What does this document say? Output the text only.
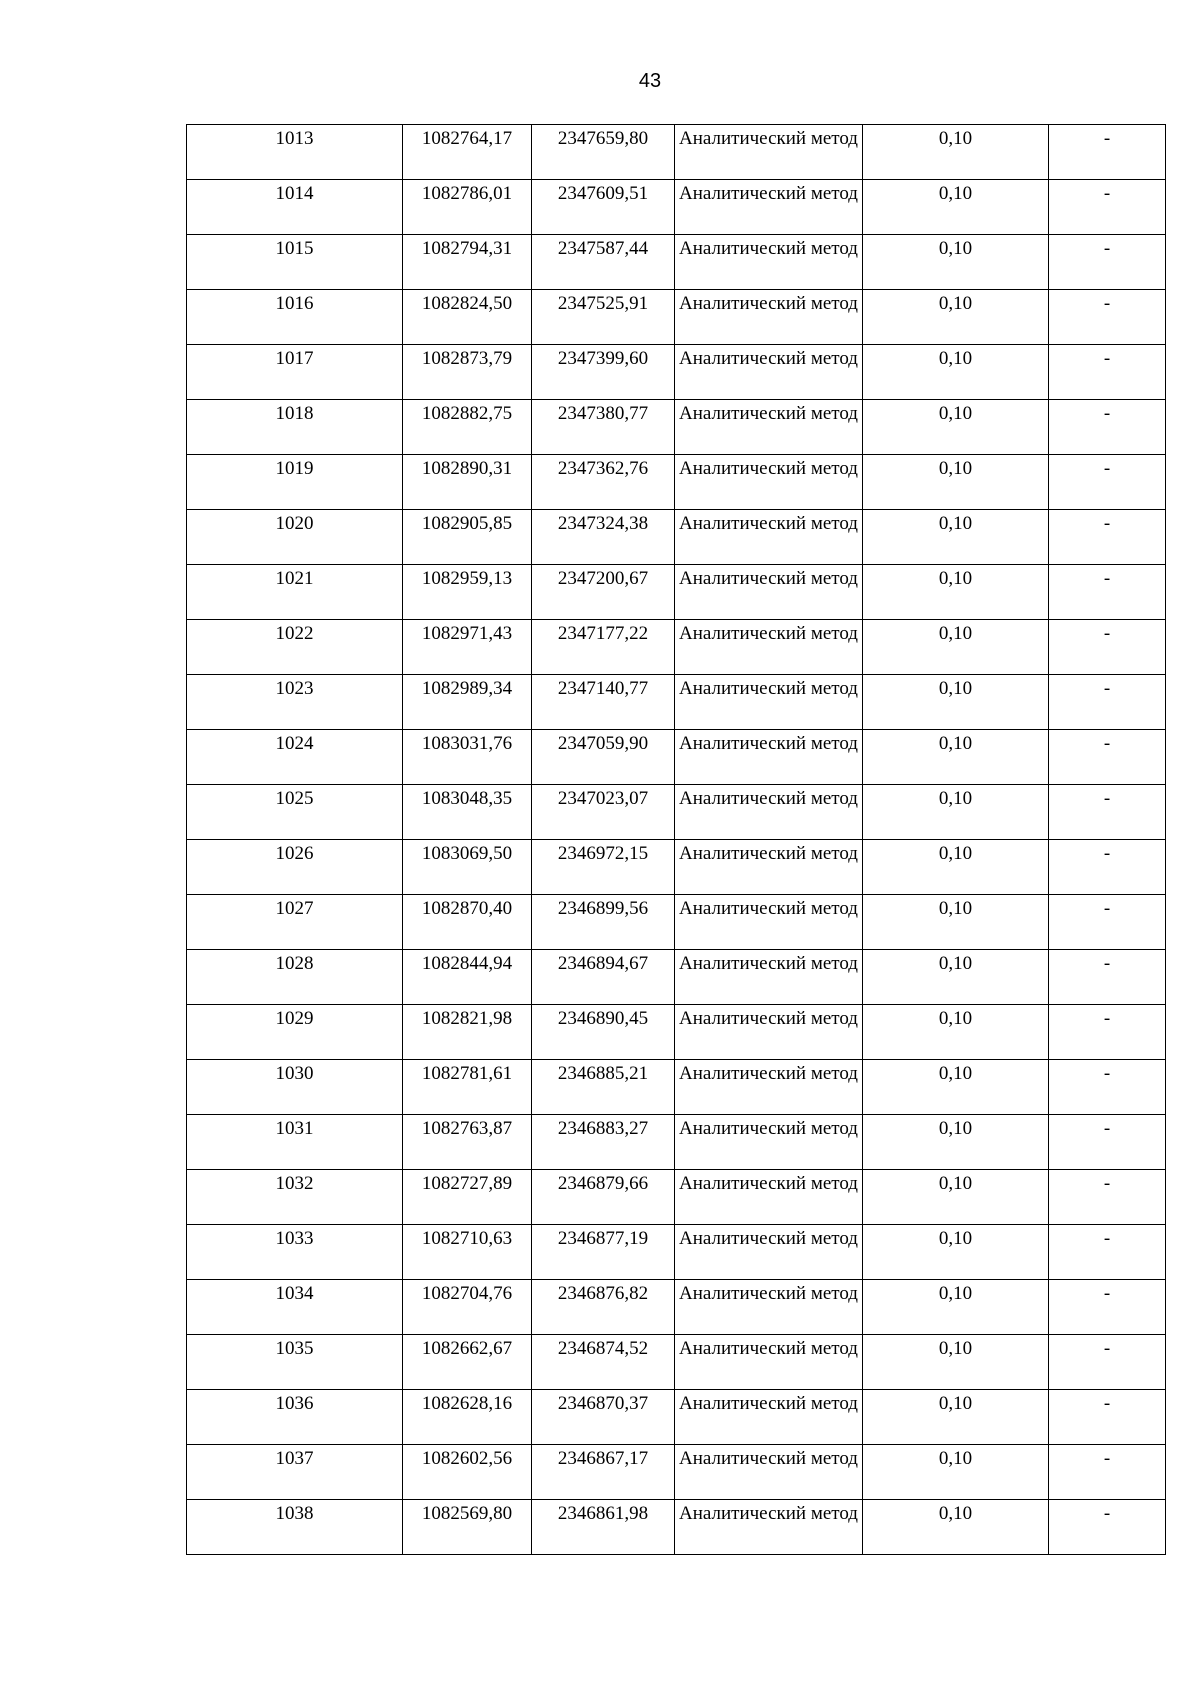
43
1013	1082764,17	2347659,80	Аналитический метод	0,10	-
1014	1082786,01	2347609,51	Аналитический метод	0,10	-
1015	1082794,31	2347587,44	Аналитический метод	0,10	-
1016	1082824,50	2347525,91	Аналитический метод	0,10	-
1017	1082873,79	2347399,60	Аналитический метод	0,10	-
1018	1082882,75	2347380,77	Аналитический метод	0,10	-
1019	1082890,31	2347362,76	Аналитический метод	0,10	-
1020	1082905,85	2347324,38	Аналитический метод	0,10	-
1021	1082959,13	2347200,67	Аналитический метод	0,10	-
1022	1082971,43	2347177,22	Аналитический метод	0,10	-
1023	1082989,34	2347140,77	Аналитический метод	0,10	-
1024	1083031,76	2347059,90	Аналитический метод	0,10	-
1025	1083048,35	2347023,07	Аналитический метод	0,10	-
1026	1083069,50	2346972,15	Аналитический метод	0,10	-
1027	1082870,40	2346899,56	Аналитический метод	0,10	-
1028	1082844,94	2346894,67	Аналитический метод	0,10	-
1029	1082821,98	2346890,45	Аналитический метод	0,10	-
1030	1082781,61	2346885,21	Аналитический метод	0,10	-
1031	1082763,87	2346883,27	Аналитический метод	0,10	-
1032	1082727,89	2346879,66	Аналитический метод	0,10	-
1033	1082710,63	2346877,19	Аналитический метод	0,10	-
1034	1082704,76	2346876,82	Аналитический метод	0,10	-
1035	1082662,67	2346874,52	Аналитический метод	0,10	-
1036	1082628,16	2346870,37	Аналитический метод	0,10	-
1037	1082602,56	2346867,17	Аналитический метод	0,10	-
1038	1082569,80	2346861,98	Аналитический метод	0,10	-
